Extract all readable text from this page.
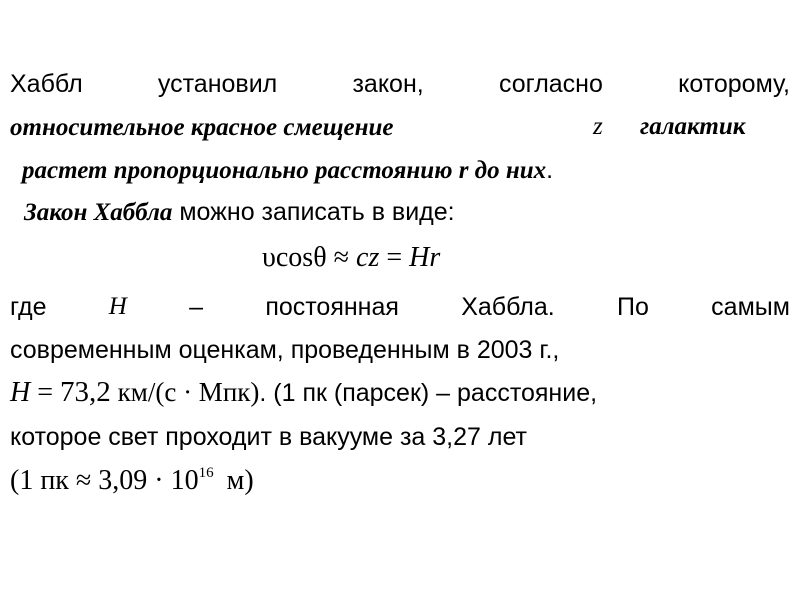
Хаббл	установил	закон,	согласно	которому,
относительное красное смещение	z галактик
растет пропорционально расстоянию r до них.
Закон Хаббла можно записать в виде:
υcosθ ≈ cz = Hr
где H – постоянная Хаббла. По самым
современным оценкам, проведенным в 2003 г.,
H = 73,2 км/(с · Мпк). (1 пк (парсек) – расстояние,
которое свет проходит в вакууме за 3,27 лет
(1 пк ≈ $3,09 \cdot 10^{16}$ м)
